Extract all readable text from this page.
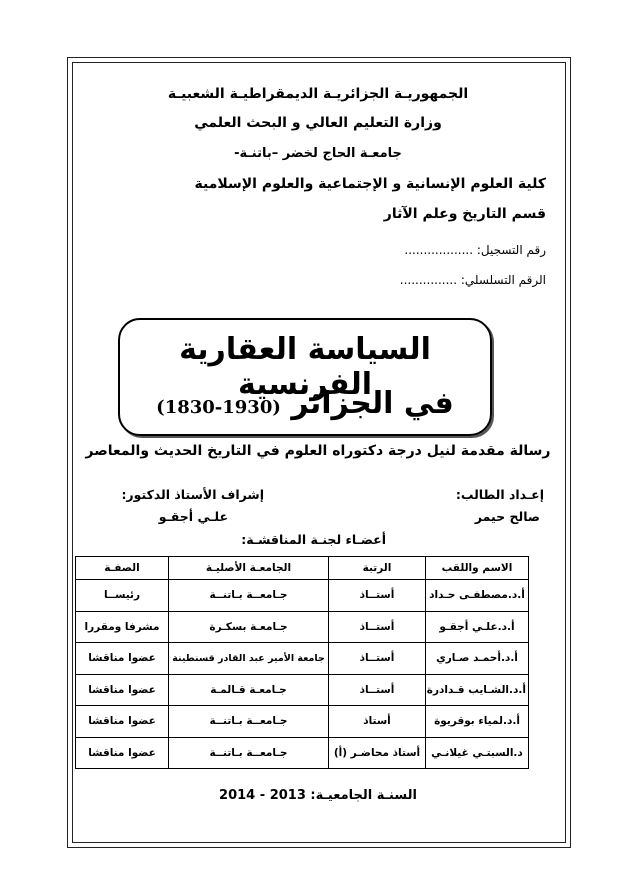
الجمهوريـة الجزائريـة الديمقراطيـة الشعبيـة
وزارة التعليم العالي و البحث العلمي
جامعـة الحاج لخضر –باتنـة-
كلية العلوم الإنسانية و الإجتماعية والعلوم الإسلامية
قسم التاريخ وعلم الآثار
رقم التسجيل: ..................
الرقم التسلسلي: ...............
السياسة العقارية الفرنسية
في الجزائر (1830-1930)
رسالة مقدمة لنيل درجة دكتوراه العلوم في التاريخ الحديث والمعاصر
إعـداد الطالب:
صالح حيمر
إشراف الأستاذ الدكتور:
علـي أجقـو
أعضـاء لجنـة المناقشـة:
الاسم واللقب	الرتبة	الجامعـة الأصليـة	الصفـة
أ.د.مصطفـى حـداد	أستــاذ	جـامعــة بـاتنــة	رئيســا
أ.د.علـي أجقـو	أستــاذ	جـامعـة بسكـرة	مشرفا ومقررا
أ.د.أحمـد صـاري	أستــاذ	جامعة الأمير عبد القادر قسنطينة	عضوا مناقشا
أ.د.الشـايب قـدادرة	أستــاذ	جـامعـة قـالمـة	عضوا مناقشا
أ.د.لمياء بوقريوة	أستاذ	جـامعــة بـاتنــة	عضوا مناقشا
د.السبتـي غيلانـي	أستاذ محاضـر (أ)	جـامعــة بـاتنــة	عضوا مناقشا
السنـة الجامعيـة: 2013 - 2014
